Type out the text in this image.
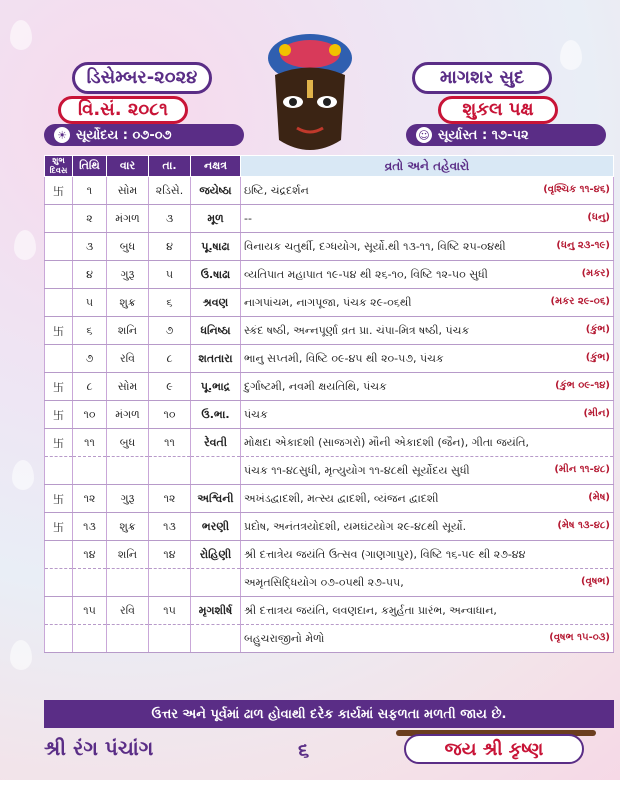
ડિસેમ્બર-૨૦૨૪
વિ.સં. ૨૦૮૧
☀ સૂર્યોદય : ૦૭-૦૭
માગશર સુદ
શુકલ પક્ષ
☺ સૂર્યાસ્ત : ૧૭-૫૨
શુભ દિવસ	તિથિ	વાર	તા.	નક્ષત્ર	વ્રતો અને તહેવારો
卐	૧	સોમ	૨ડિસે.	જયેષ્ઠા	ઇષ્ટિ, ચંદ્રદર્શન (વૃશ્ચિક ૧૧-૪૬)

	૨	મંગળ	૩	મૂળ	-- (ધનુ)

	૩	બુધ	૪	પૂ.ષાઢા	વિનાયક ચતુર્થી, દગ્ધયોગ, સૂર્યો.થી ૧૩-૧૧, વિષ્ટિ ૨૫-૦૪થી (ધનુ ૨૩-૧૯)

	૪	ગુરૂ	૫	ઉ.ષાઢા	વ્યતિપાત મહાપાત ૧૯-૫૪ થી ૨૬-૧૦, વિષ્ટિ ૧૨-૫૦ સુધી (મકર)

	૫	શુક્ર	૬	શ્રવણ	નાગપાંચમ, નાગપૂજા, પંચક ૨૯-૦૬થી (મકર ૨૯-૦૬)

卐	૬	શનિ	૭	ધનિષ્ઠા	સ્કંદ ષષ્ઠી, અન્નપૂર્ણા વ્રત પ્રા. ચંપા-મિત્ર ષષ્ઠી, પંચક (કુંભ)

	૭	રવિ	૮	શતતારા	ભાનુ સપ્તમી, વિષ્ટિ ૦૯-૪૫ થી ૨૦-૫૭, પંચક (કુંભ)

卐	૮	સોમ	૯	પૂ.ભાદ્ર	દુર્ગાષ્ટમી, નવમી ક્ષયતિથિ, પંચક (કુંભ ૦૯-૧૪)

卐	૧૦	મંગળ	૧૦	ઉ.ભા.	પંચક (મીન)

卐	૧૧	બુધ	૧૧	રેવતી	મોક્ષદા એકાદશી (સાજગરો) મૌની એકાદશી (જૈન), ગીતા જયંતિ,

					પંચક ૧૧-૪૮સુધી, મૃત્યુયોગ ૧૧-૪૮થી સૂર્યોદય સુધી (મીન ૧૧-૪૮)

卐	૧૨	ગુરૂ	૧૨	અશ્વિની	અખંડદ્વાદશી, મત્સ્ય દ્વાદશી, વ્યંજન દ્વાદશી (મેષ)

卐	૧૩	શુક્ર	૧૩	ભરણી	પ્રદોષ, અનંતત્રયોદશી, યમઘંટયોગ ૨૯-૪૮થી સૂર્યો. (મેષ ૧૩-૪૮)

	૧૪	શનિ	૧૪	રોહિણી	શ્રી દત્તાત્રેય જયંતિ ઉત્સવ (ગાણગાપુર), વિષ્ટિ ૧૬-૫૯ થી ૨૭-૪૪

					અમૃતસિદ્ધિયોગ ૦૭-૦૫થી ૨૭-૫૫, (વૃષભ)

	૧૫	રવિ	૧૫	મૃગશીર્ષ	શ્રી દત્તાત્રય જયંતિ, લવણદાન, કમુર્હતા પ્રારંભ, અન્વાધાન,

					બહુચરાજીનો મેળો (વૃષભ ૧૫-૦૩)
ઉત્તર અને પૂર્વમાં ઢાળ હોવાથી દરેક કાર્યમાં સફળતા મળતી જાય છે.
શ્રી રંગ પંચાંગ	૬	જય શ્રી કૃષ્ણ
